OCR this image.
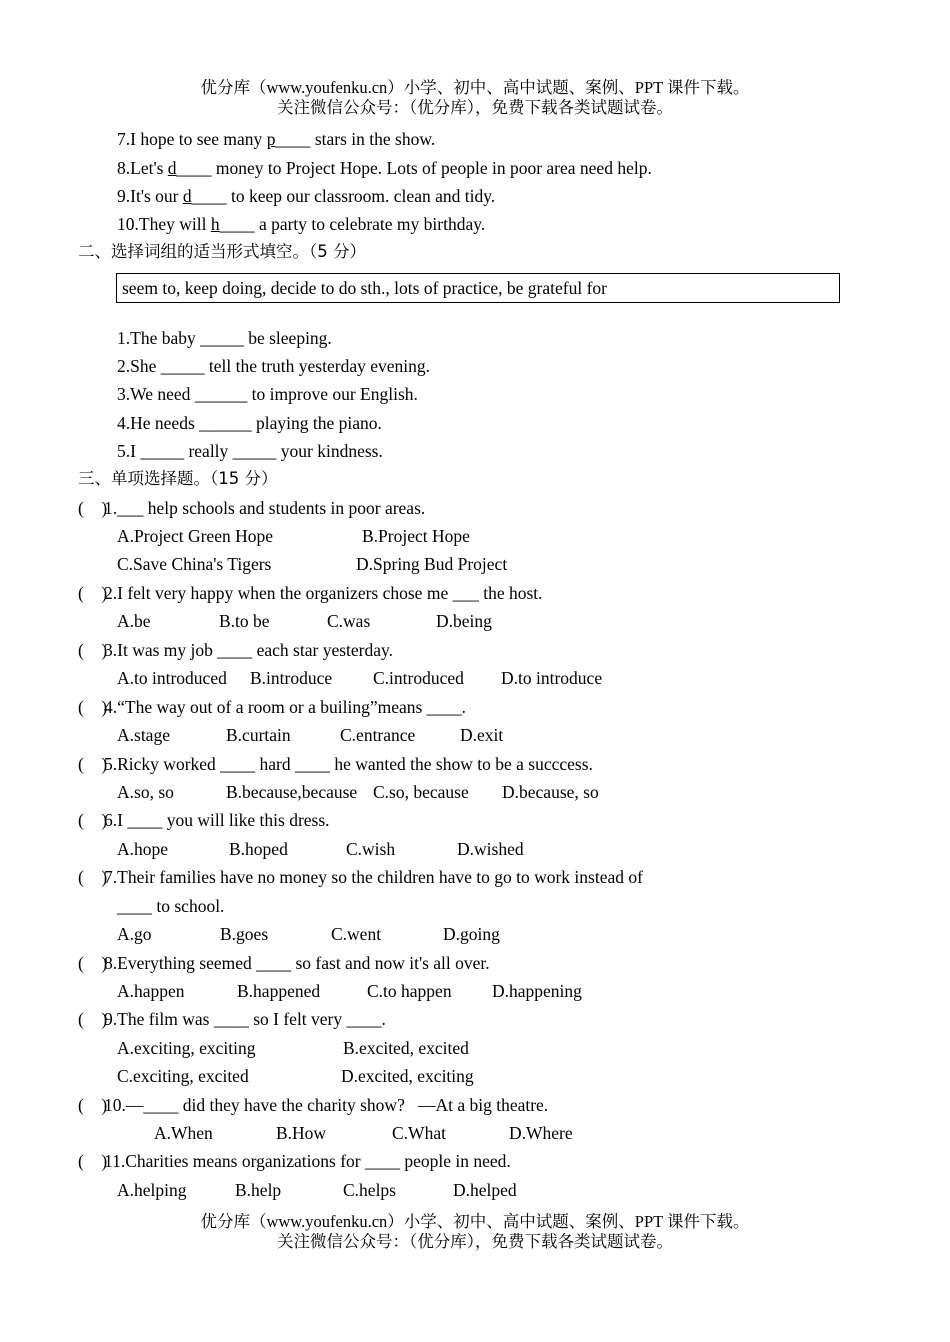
优分库（www.youfenku.cn）小学、初中、高中试题、案例、PPT 课件下载。
关注微信公众号：（优分库），免费下载各类试题试卷。
7.I hope to see many p____ stars in the show.
8.Let's d____ money to Project Hope. Lots of people in poor area need help.
9.It's our d____ to keep our classroom. clean and tidy.
10.They will h____ a party to celebrate my birthday.
二、选择词组的适当形式填空。（5 分）
seem to, keep doing, decide to do sth., lots of practice, be grateful for
1.The baby _____ be sleeping.
2.She _____ tell the truth yesterday evening.
3.We need ______ to improve our English.
4.He needs ______ playing the piano.
5.I _____ really _____ your kindness.
三、单项选择题。（15 分）
(    )1.___ help schools and students in poor areas.

A.Project Green Hope

	B.Project Hope

C.Save China's Tigers

	D.Spring Bud Project

(    )2.I felt very happy when the organizers chose me ___ the host.

A.be

	B.to be

	C.was

	D.being

(    )3.It was my job ____ each star yesterday.

A.to introduced

B.introduce

C.introduced

D.to introduce

(    )4.“The way out of a room or a builing”means ____.

A.stage

	B.curtain

	C.entrance

	D.exit

(    )5.Ricky worked ____ hard ____ he wanted the show to be a succcess.

A.so, so

	B.because,because

C.so, because

D.because, so

(    )6.I ____ you will like this dress.

A.hope

	B.hoped

	C.wish

	D.wished

(    )7.Their families have no money so the children have to go to work instead of
____ to school.

A.go

	B.goes

	C.went

	D.going

(    )8.Everything seemed ____ so fast and now it's all over.

A.happen

	B.happened

	C.to happen

D.happening

(    )9.The film was ____ so I felt very ____.

A.exciting, exciting

	B.excited, excited

C.exciting, excited

	D.excited, exciting

(    )10.—____ did they have the charity show?   —At a big theatre.

A.When

	B.How

	C.What

	D.Where

(    )11.Charities means organizations for ____ people in need.

A.helping

	B.help

	C.helps

	D.helped

优分库（www.youfenku.cn）小学、初中、高中试题、案例、PPT 课件下载。
关注微信公众号：（优分库），免费下载各类试题试卷。
